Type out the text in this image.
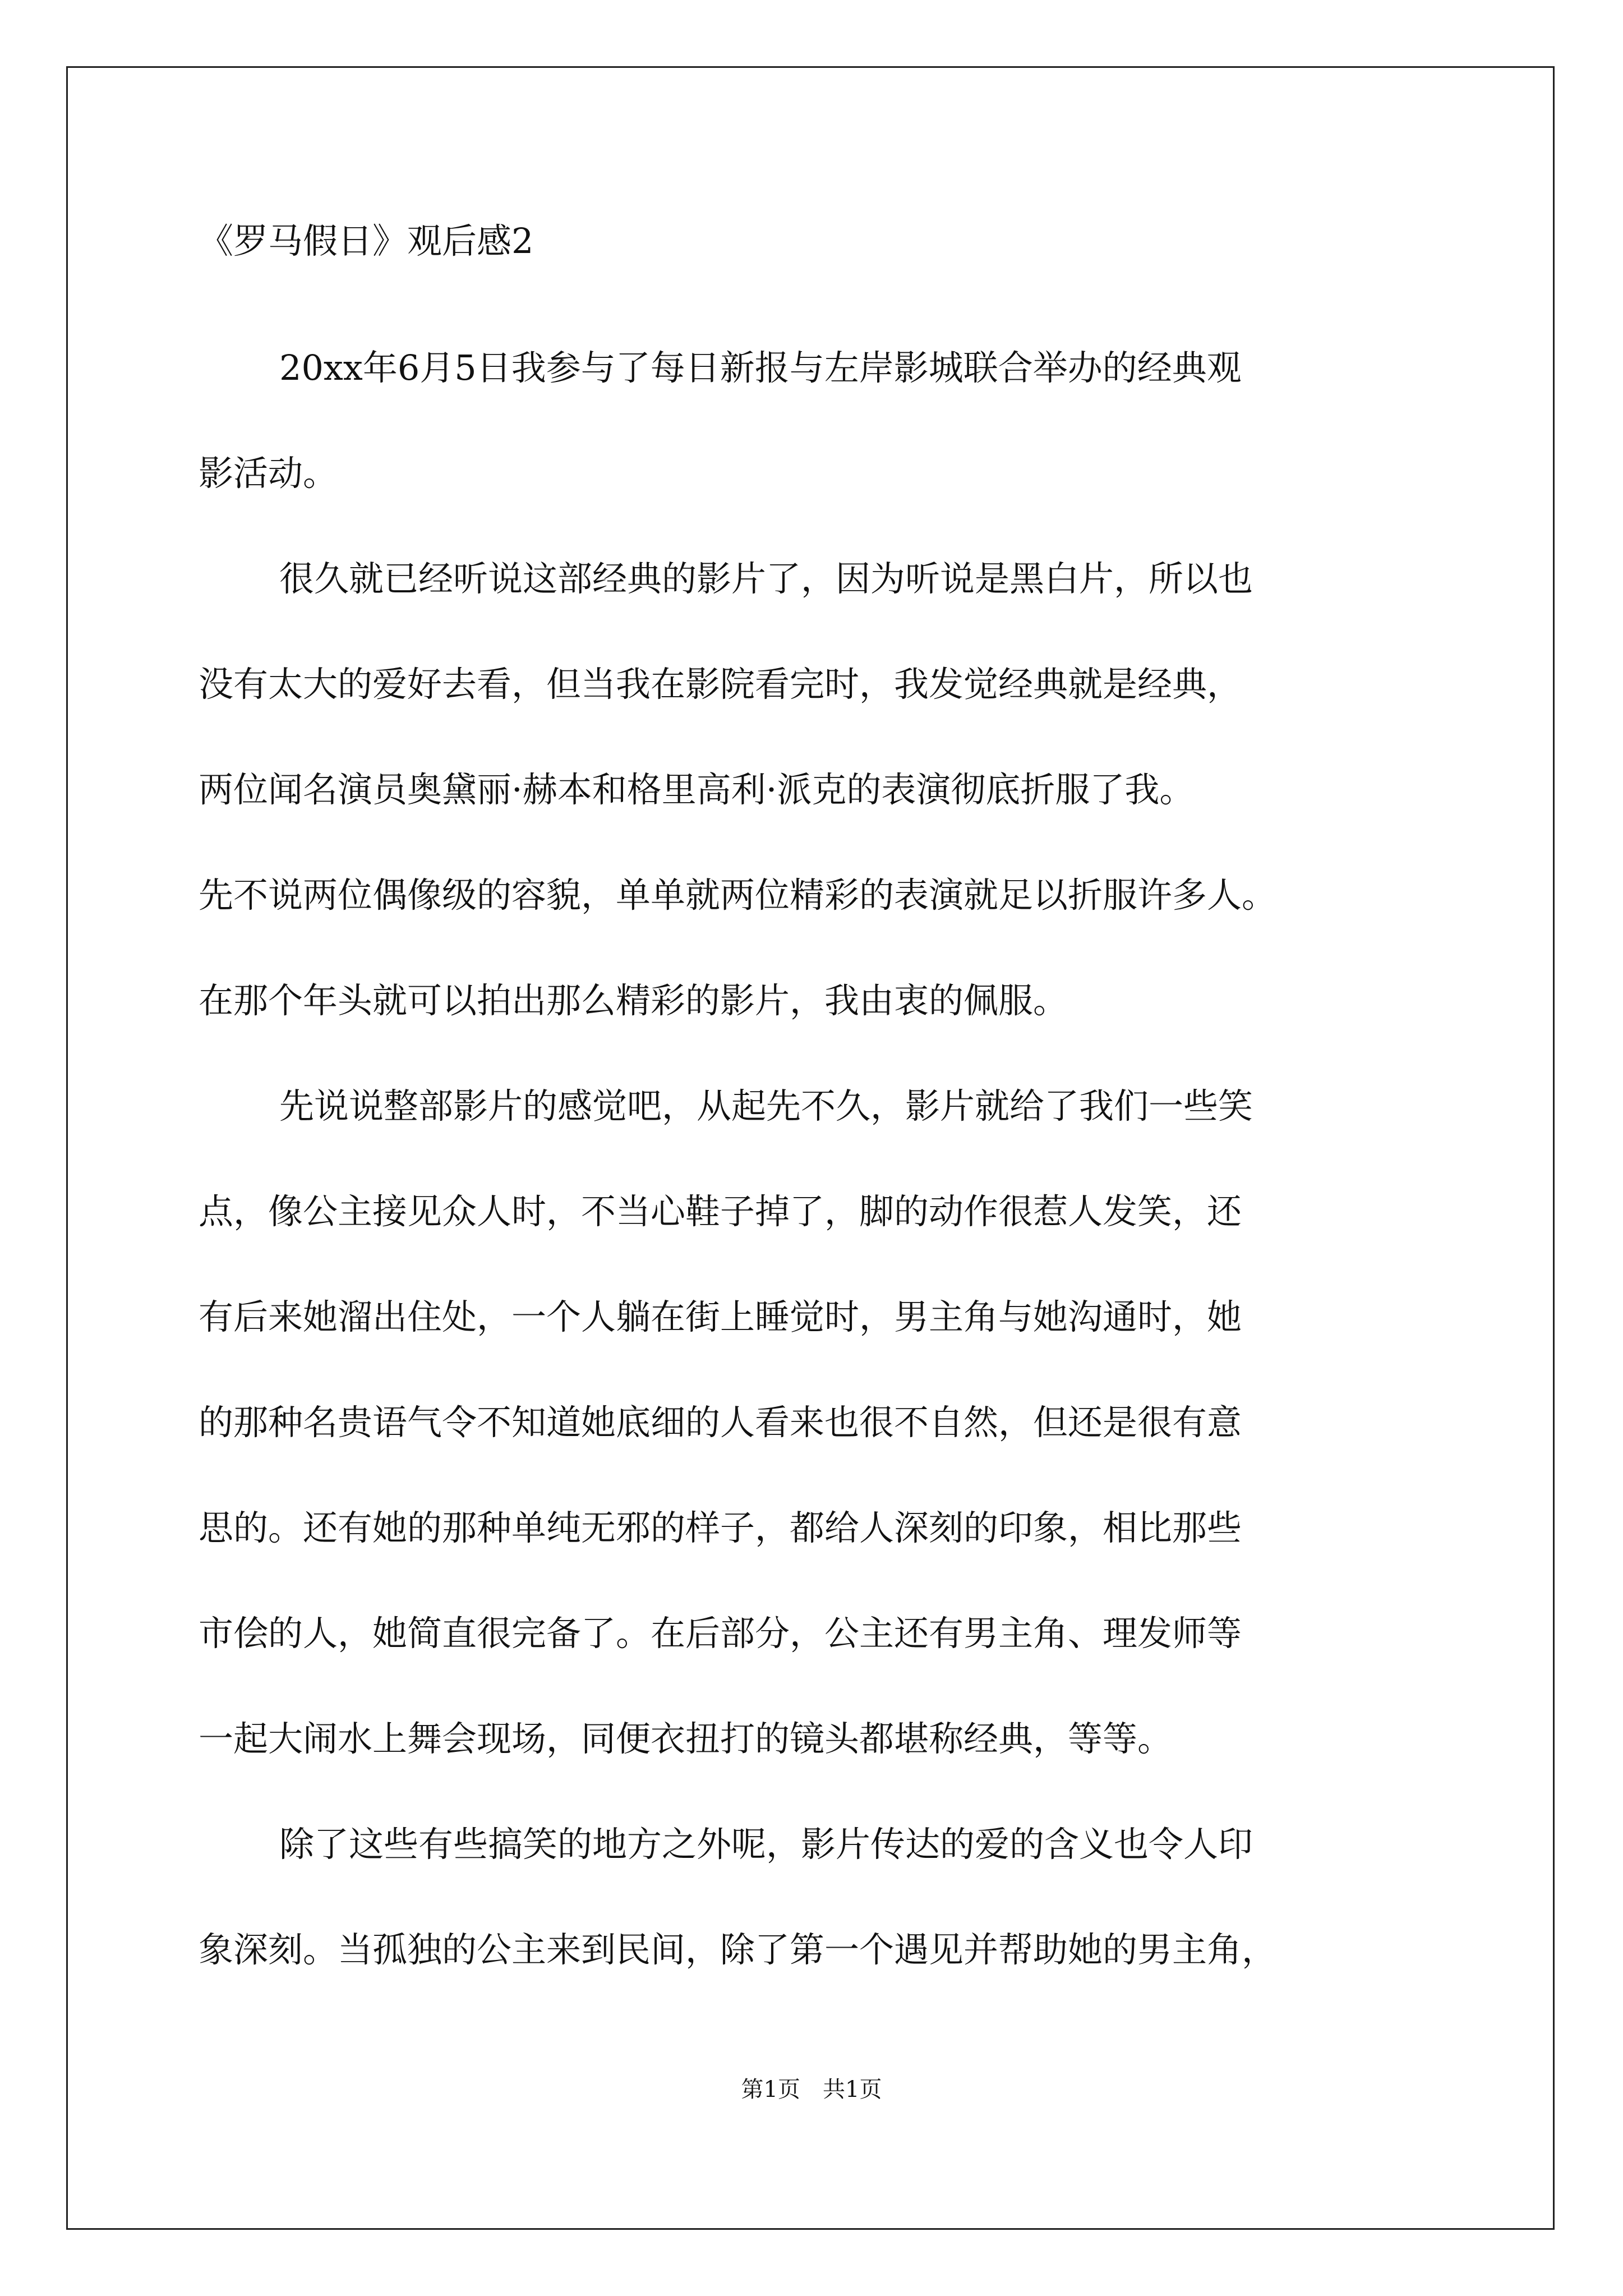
《罗马假日》观后感2
20xx年6月5日我参与了每日新报与左岸影城联合举办的经典观
影活动。
很久就已经听说这部经典的影片了，因为听说是黑白片，所以也
没有太大的爱好去看，但当我在影院看完时，我发觉经典就是经典，
两位闻名演员奥黛丽·赫本和格里高利·派克的表演彻底折服了我。
先不说两位偶像级的容貌，单单就两位精彩的表演就足以折服许多人。
在那个年头就可以拍出那么精彩的影片，我由衷的佩服。
先说说整部影片的感觉吧，从起先不久，影片就给了我们一些笑
点，像公主接见众人时，不当心鞋子掉了，脚的动作很惹人发笑，还
有后来她溜出住处，一个人躺在街上睡觉时，男主角与她沟通时，她
的那种名贵语气令不知道她底细的人看来也很不自然，但还是很有意
思的。还有她的那种单纯无邪的样子，都给人深刻的印象，相比那些
市侩的人，她简直很完备了。在后部分，公主还有男主角、理发师等
一起大闹水上舞会现场，同便衣扭打的镜头都堪称经典，等等。
除了这些有些搞笑的地方之外呢，影片传达的爱的含义也令人印
象深刻。当孤独的公主来到民间，除了第一个遇见并帮助她的男主角，
第1页　共1页
